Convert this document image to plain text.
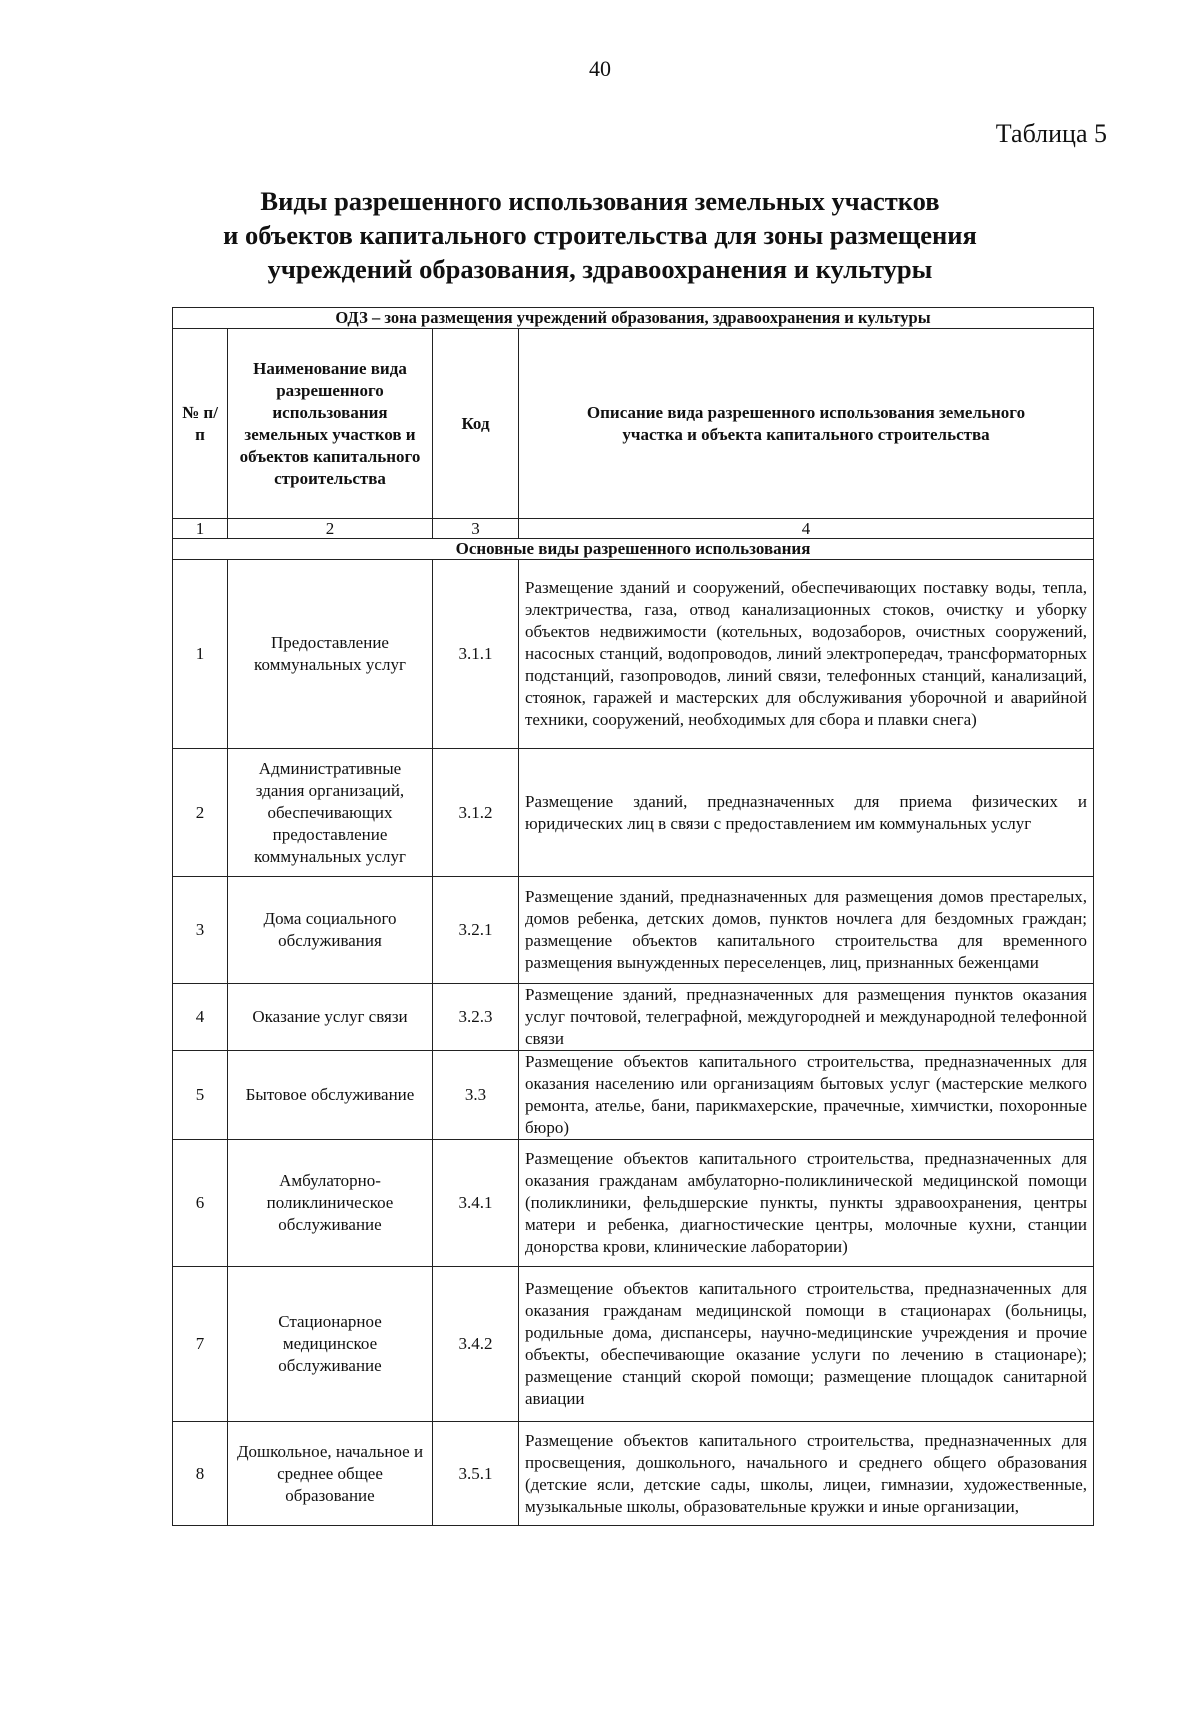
40
Таблица 5
Виды разрешенного использования земельных участков
и объектов капитального строительства для зоны размещения
учреждений образования, здравоохранения и культуры
ОДЗ – зона размещения учреждений образования, здравоохранения и культуры			
№ п/п	Наименование вида разрешенного использования земельных участков и объектов капитального строительства	Код	Описание вида разрешенного использования земельного участка и объекта капитального строительства
1	2	3	4
Основные виды разрешенного использования			
1	Предоставление коммунальных услуг	3.1.1	Размещение зданий и сооружений, обеспечивающих поставку воды, тепла, электричества, газа, отвод канализационных стоков, очистку и уборку объектов недвижимости (котельных, водозаборов, очистных сооружений, насосных станций, водопроводов, линий электропередач, трансформаторных подстанций, газопроводов, линий связи, телефонных станций, канализаций, стоянок, гаражей и мастерских для обслуживания уборочной и аварийной техники, сооружений, необходимых для сбора и плавки снега)
2	Административные здания организаций, обеспечивающих предоставление коммунальных услуг	3.1.2	Размещение зданий, предназначенных для приема физических и юридических лиц в связи с предоставлением им коммунальных услуг
3	Дома социального обслуживания	3.2.1	Размещение зданий, предназначенных для размещения домов престарелых, домов ребенка, детских домов, пунктов ночлега для бездомных граждан; размещение объектов капитального строительства для временного размещения вынужденных переселенцев, лиц, признанных беженцами
4	Оказание услуг связи	3.2.3	Размещение зданий, предназначенных для размещения пунктов оказания услуг почтовой, телеграфной, междугородней и международной телефонной связи
5	Бытовое обслуживание	3.3	Размещение объектов капитального строительства, предназначенных для оказания населению или организациям бытовых услуг (мастерские мелкого ремонта, ателье, бани, парикмахерские, прачечные, химчистки, похоронные бюро)
6	Амбулаторно-поликлиническое обслуживание	3.4.1	Размещение объектов капитального строительства, предназначенных для оказания гражданам амбулаторно-поликлинической медицинской помощи (поликлиники, фельдшерские пункты, пункты здравоохранения, центры матери и ребенка, диагностические центры, молочные кухни, станции донорства крови, клинические лаборатории)
7	Стационарное медицинское обслуживание	3.4.2	Размещение объектов капитального строительства, предназначенных для оказания гражданам медицинской помощи в стационарах (больницы, родильные дома, диспансеры, научно-медицинские учреждения и прочие объекты, обеспечивающие оказание услуги по лечению в стационаре); размещение станций скорой помощи; размещение площадок санитарной авиации
8	Дошкольное, начальное и среднее общее образование	3.5.1	Размещение объектов капитального строительства, предназначенных для просвещения, дошкольного, начального и среднего общего образования (детские ясли, детские сады, школы, лицеи, гимназии, художественные, музыкальные школы, образовательные кружки и иные организации,
